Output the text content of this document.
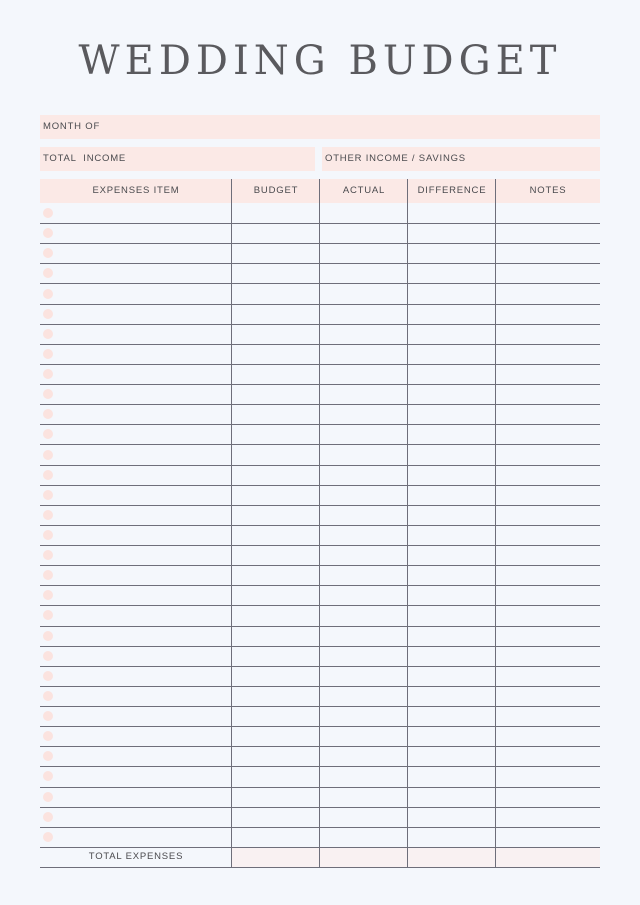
WEDDING BUDGET
MONTH OF
TOTAL  INCOME	OTHER INCOME / SAVINGS
EXPENSES ITEM	BUDGET	ACTUAL	DIFFERENCE	NOTES
TOTAL EXPENSES
